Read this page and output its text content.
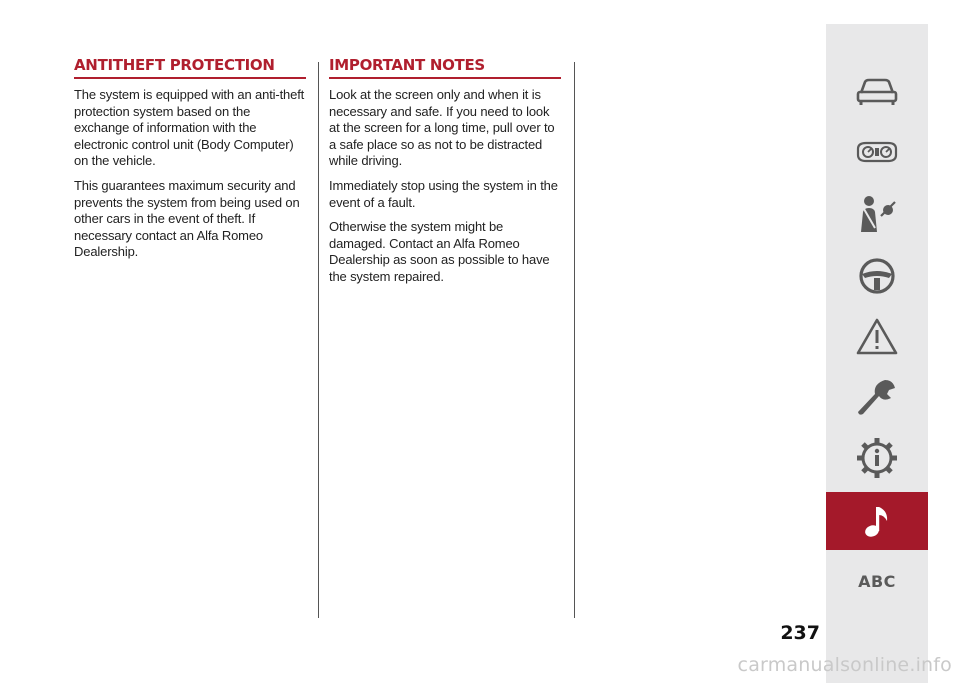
ANTITHEFT PROTECTION

The system is equipped with an anti-theft protection system based on the exchange of information with the electronic control unit (Body Computer) on the vehicle.

This guarantees maximum security and prevents the system from being used on other cars in the event of theft. If necessary contact an Alfa Romeo Dealership.

IMPORTANT NOTES

Look at the screen only and when it is necessary and safe. If you need to look at the screen for a long time, pull over to a safe place so as not to be distracted while driving.

Immediately stop using the system in the event of a fault.

Otherwise the system might be damaged. Contact an Alfa Romeo Dealership as soon as possible to have the system repaired.

ABC
237
carmanualsonline.info
